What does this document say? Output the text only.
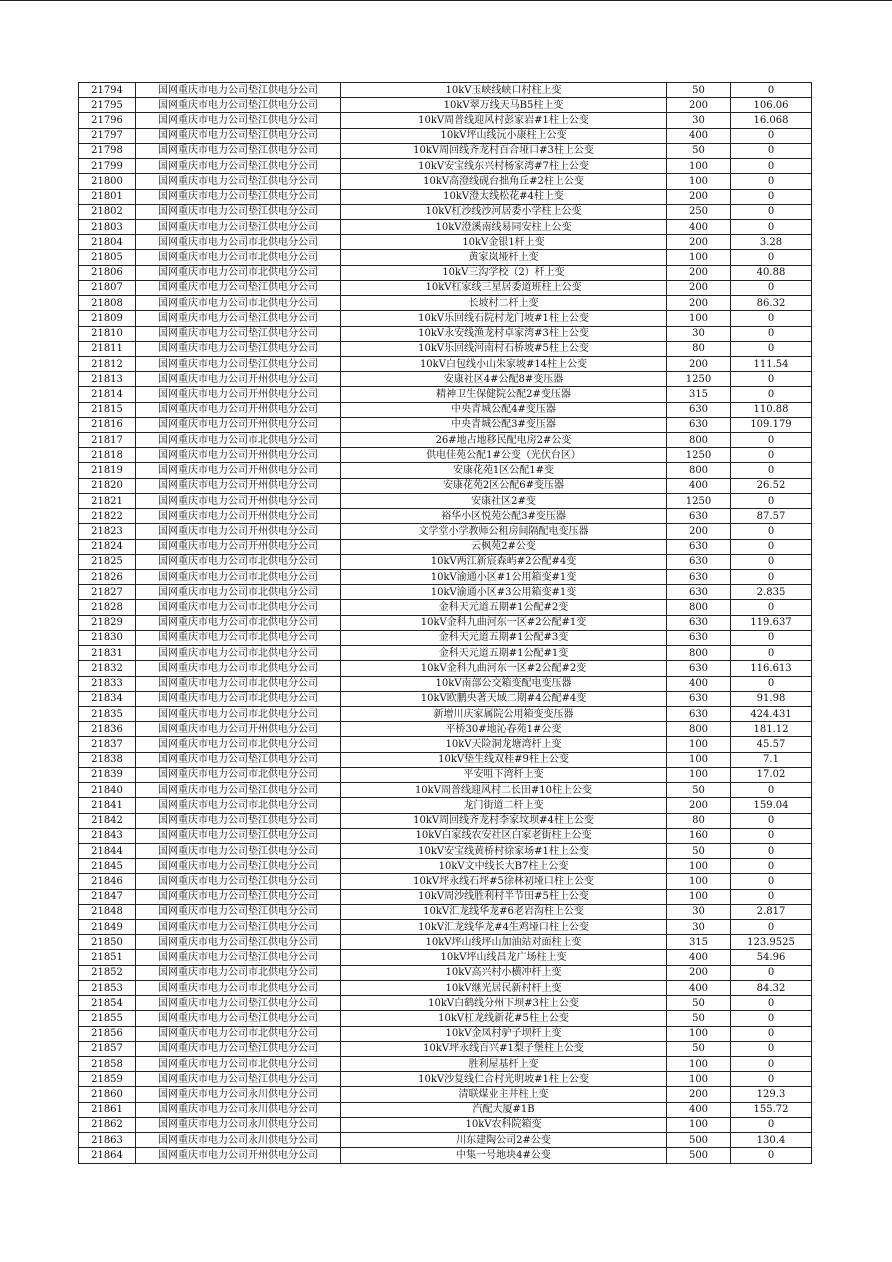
21794	国网重庆市电力公司垫江供电分公司	10kV玉峡线峡口村柱上变	50	0
21795	国网重庆市电力公司垫江供电分公司	10kV翠万线天马B5柱上变	200	106.06
21796	国网重庆市电力公司垫江供电分公司	10kV周普线迎风村彭家岩#1柱上公变	30	16.068
21797	国网重庆市电力公司垫江供电分公司	10kV坪山线沅小康柱上公变	400	0
21798	国网重庆市电力公司垫江供电分公司	10kV周回线齐龙村百合垭口#3柱上公变	50	0
21799	国网重庆市电力公司垫江供电分公司	10kV安宝线东兴村杨家湾#7柱上公变	100	0
21800	国网重庆市电力公司垫江供电分公司	10kV高澄线砚台拙角丘#2柱上公变	100	0
21801	国网重庆市电力公司垫江供电分公司	10kV澄太线松花#4柱上变	200	0
21802	国网重庆市电力公司垫江供电分公司	10kV杠沙线沙河居委小学柱上公变	250	0
21803	国网重庆市电力公司垫江供电分公司	10kV澄溪南线易同安柱上公变	400	0
21804	国网重庆市电力公司市北供电分公司	10kV金银1杆上变	200	3.28
21805	国网重庆市电力公司市北供电分公司	黄家岚垭杆上变	100	0
21806	国网重庆市电力公司市北供电分公司	10kV三沟学校（2）杆上变	200	40.88
21807	国网重庆市电力公司垫江供电分公司	10kV杠家线三星居委道班柱上公变	200	0
21808	国网重庆市电力公司市北供电分公司	长坡村二杆上变	200	86.32
21809	国网重庆市电力公司垫江供电分公司	10kV乐回线石院村龙门坡#1柱上公变	100	0
21810	国网重庆市电力公司垫江供电分公司	10kV永安线渔龙村卓家湾#3柱上公变	30	0
21811	国网重庆市电力公司垫江供电分公司	10kV乐回线河南村石桥坡#5柱上公变	80	0
21812	国网重庆市电力公司垫江供电分公司	10kV白包线小山朱家坡#14柱上公变	200	111.54
21813	国网重庆市电力公司开州供电分公司	安康社区4#公配8#变压器	1250	0
21814	国网重庆市电力公司开州供电分公司	精神卫生保健院公配2#变压器	315	0
21815	国网重庆市电力公司开州供电分公司	中央青城公配4#变压器	630	110.88
21816	国网重庆市电力公司开州供电分公司	中央青城公配3#变压器	630	109.179
21817	国网重庆市电力公司市北供电分公司	26#地占地移民配电房2#公变	800	0
21818	国网重庆市电力公司开州供电分公司	供电佳苑公配1#公变（光伏台区）	1250	0
21819	国网重庆市电力公司开州供电分公司	安康花苑1区公配1#变	800	0
21820	国网重庆市电力公司开州供电分公司	安康花苑2区公配6#变压器	400	26.52
21821	国网重庆市电力公司开州供电分公司	安康社区2#变	1250	0
21822	国网重庆市电力公司开州供电分公司	裕华小区悦苑公配3#变压器	630	87.57
21823	国网重庆市电力公司开州供电分公司	文学堂小学教师公租房间隔配电变压器	200	0
21824	国网重庆市电力公司开州供电分公司	云枫苑2#公变	630	0
21825	国网重庆市电力公司市北供电分公司	10kV两江新宸森屿#2公配#4变	630	0
21826	国网重庆市电力公司市北供电分公司	10kV渝通小区#1公用箱变#1变	630	0
21827	国网重庆市电力公司市北供电分公司	10kV渝通小区#3公用箱变#1变	630	2.835
21828	国网重庆市电力公司市北供电分公司	金科天元道五期#1公配#2变	800	0
21829	国网重庆市电力公司市北供电分公司	10kV金科九曲河东一区#2公配#1变	630	119.637
21830	国网重庆市电力公司市北供电分公司	金科天元道五期#1公配#3变	630	0
21831	国网重庆市电力公司市北供电分公司	金科天元道五期#1公配#1变	800	0
21832	国网重庆市电力公司市北供电分公司	10kV金科九曲河东一区#2公配#2变	630	116.613
21833	国网重庆市电力公司市北供电分公司	10kV南部公交箱变配电变压器	400	0
21834	国网重庆市电力公司市北供电分公司	10kV欧鹏央著天域二期#4公配#4变	630	91.98
21835	国网重庆市电力公司市北供电分公司	新增川庆家属院公用箱变变压器	630	424.431
21836	国网重庆市电力公司开州供电分公司	平桥30#地沁春苑1#公变	800	181.12
21837	国网重庆市电力公司市北供电分公司	10kV天险洞龙塘湾杆上变	100	45.57
21838	国网重庆市电力公司垫江供电分公司	10kV垫生线双桂#9柱上公变	100	7.1
21839	国网重庆市电力公司市北供电分公司	平安咀下湾杆上变	100	17.02
21840	国网重庆市电力公司垫江供电分公司	10kV周普线迎风村二长田#10柱上公变	50	0
21841	国网重庆市电力公司市北供电分公司	龙门街道二杆上变	200	159.04
21842	国网重庆市电力公司垫江供电分公司	10kV周回线齐龙村李家坟坝#4柱上公变	80	0
21843	国网重庆市电力公司垫江供电分公司	10kV白家线农安社区白家老街柱上公变	160	0
21844	国网重庆市电力公司垫江供电分公司	10kV安宝线黄桥村徐家场#1柱上公变	50	0
21845	国网重庆市电力公司垫江供电分公司	10kV文中线长大B7柱上公变	100	0
21846	国网重庆市电力公司垫江供电分公司	10kV坪永线石坪#5徐林初垭口柱上公变	100	0
21847	国网重庆市电力公司垫江供电分公司	10kV周沙线胜利村半节田#5柱上公变	100	0
21848	国网重庆市电力公司垫江供电分公司	10kV汇龙线华龙#6老岩沟柱上公变	30	2.817
21849	国网重庆市电力公司垫江供电分公司	10kV汇龙线华龙#4生鸡垭口柱上公变	30	0
21850	国网重庆市电力公司垫江供电分公司	10kV坪山线坪山加油站对面柱上变	315	123.9525
21851	国网重庆市电力公司垫江供电分公司	10kV坪山线昌龙广场柱上变	400	54.96
21852	国网重庆市电力公司市北供电分公司	10kV高兴村小横冲杆上变	200	0
21853	国网重庆市电力公司市北供电分公司	10kV继光居民新村杆上变	400	84.32
21854	国网重庆市电力公司垫江供电分公司	10kV白鹤线分州下坝#3柱上公变	50	0
21855	国网重庆市电力公司垫江供电分公司	10kV杠龙线新花#5柱上公变	50	0
21856	国网重庆市电力公司市北供电分公司	10kV金凤村驴子坝杆上变	100	0
21857	国网重庆市电力公司垫江供电分公司	10kV坪永线百兴#1梨子堡柱上公变	50	0
21858	国网重庆市电力公司市北供电分公司	胜利屋基杆上变	100	0
21859	国网重庆市电力公司垫江供电分公司	10kV沙复线仁合村光明坡#1柱上公变	100	0
21860	国网重庆市电力公司永川供电分公司	清联煤业主井柱上变	200	129.3
21861	国网重庆市电力公司永川供电分公司	汽配大厦#1B	400	155.72
21862	国网重庆市电力公司永川供电分公司	10kV农科院箱变	100	0
21863	国网重庆市电力公司永川供电分公司	川东建陶公司2#公变	500	130.4
21864	国网重庆市电力公司开州供电分公司	中集一号地块4#公变	500	0
